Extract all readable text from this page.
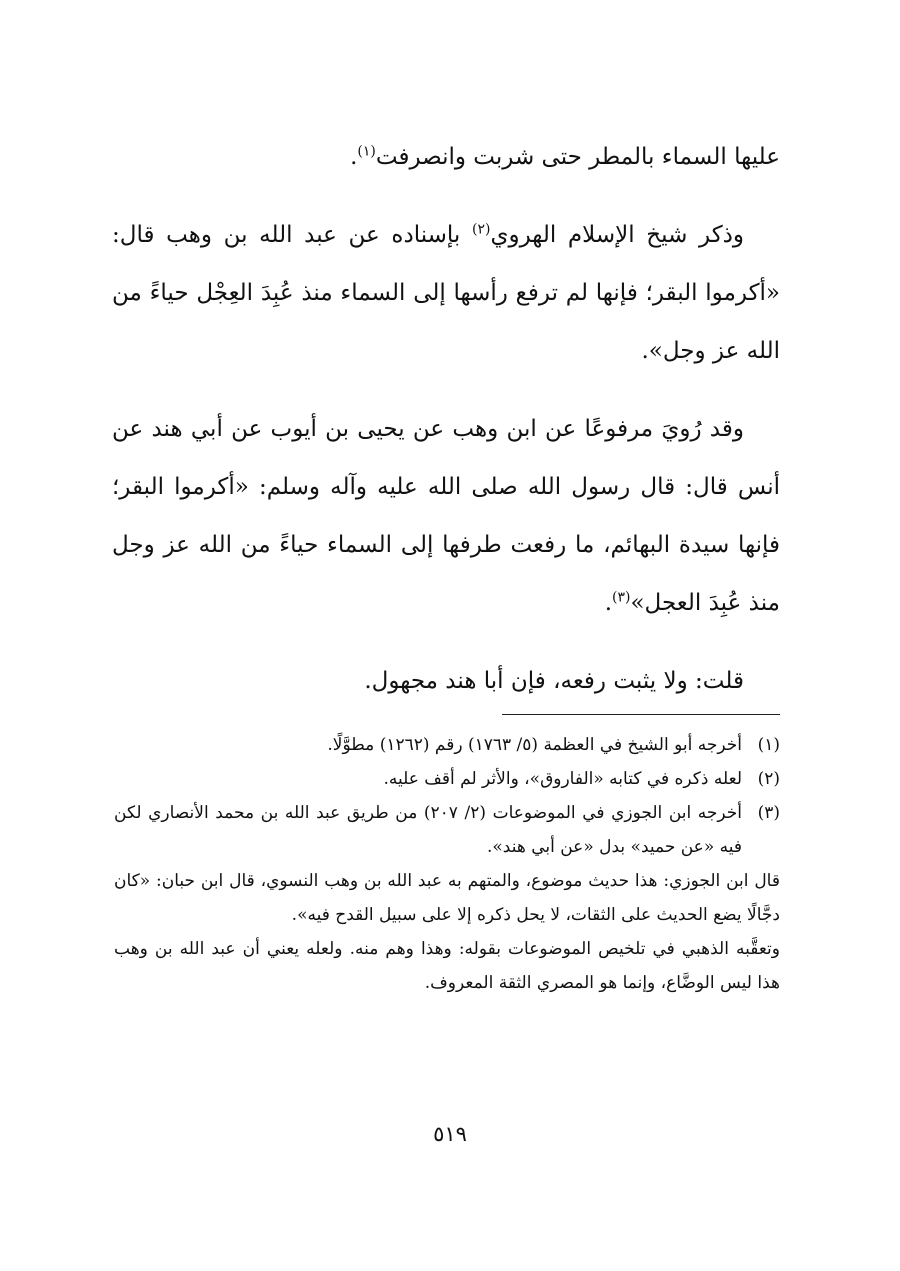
عليها السماء بالمطر حتى شربت وانصرفت$^{(١)}$.

وذكر شيخ الإسلام الهروي$^{(٢)}$ بإسناده عن عبد الله بن وهب قال: «أكرموا البقر؛ فإنها لم ترفع رأسها إلى السماء منذ عُبِدَ العِجْل حياءً من الله عز وجل».

وقد رُويَ مرفوعًا عن ابن وهب عن يحيى بن أيوب عن أبي هند عن أنس قال: قال رسول الله صلى الله عليه وآله وسلم: «أكرموا البقر؛ فإنها سيدة البهائم، ما رفعت طرفها إلى السماء حياءً من الله عز وجل منذ عُبِدَ العجل»$^{(٣)}$.

قلت: ولا يثبت رفعه، فإن أبا هند مجهول.

(١)

أخرجه أبو الشيخ في العظمة (٥/ ١٧٦٣) رقم (١٢٦٢) مطوَّلًا.

(٢)

لعله ذكره في كتابه «الفاروق»، والأثر لم أقف عليه.

(٣)

أخرجه ابن الجوزي في الموضوعات (٢/ ٢٠٧) من طريق عبد الله بن محمد الأنصاري لكن فيه «عن حميد» بدل «عن أبي هند».

قال ابن الجوزي: هذا حديث موضوع، والمتهم به عبد الله بن وهب النسوي، قال ابن حبان: «كان دجَّالًا يضع الحديث على الثقات، لا يحل ذكره إلا على سبيل القدح فيه».

وتعقَّبه الذهبي في تلخيص الموضوعات بقوله: وهذا وهم منه. ولعله يعني أن عبد الله بن وهب هذا ليس الوضَّاع، وإنما هو المصري الثقة المعروف.

٥١٩
